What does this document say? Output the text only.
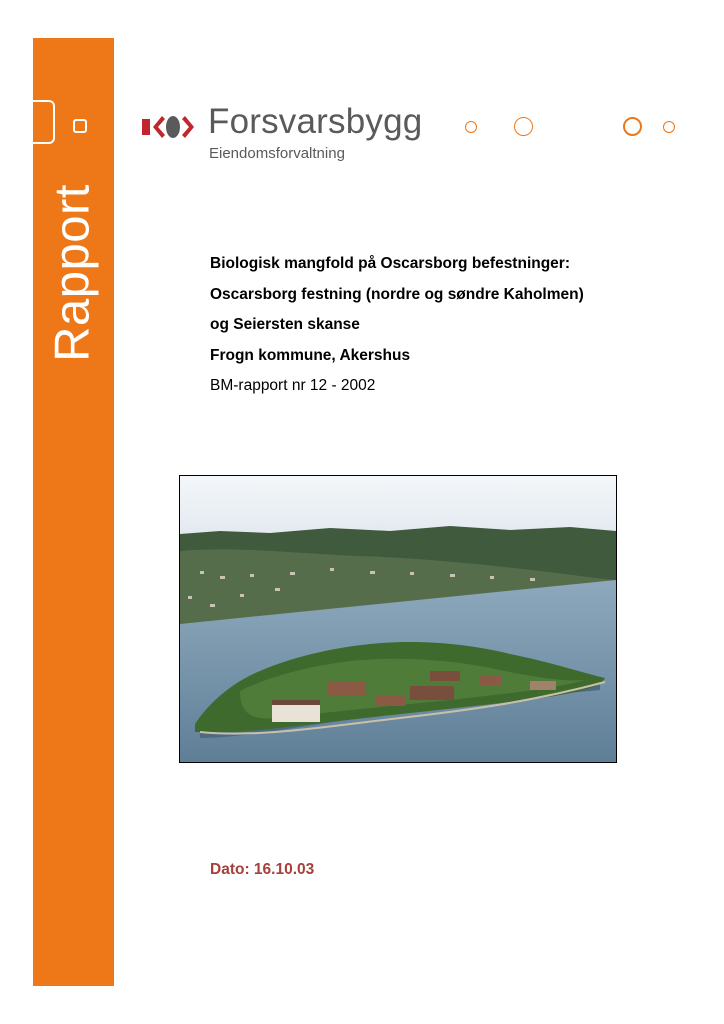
Rapport
Forsvarsbygg
Eiendomsforvaltning

Biologisk mangfold på Oscarsborg befestninger:

Oscarsborg festning (nordre og søndre Kaholmen)

og Seiersten skanse

Frogn kommune, Akershus

BM-rapport nr 12 - 2002

Dato: 16.10.03
